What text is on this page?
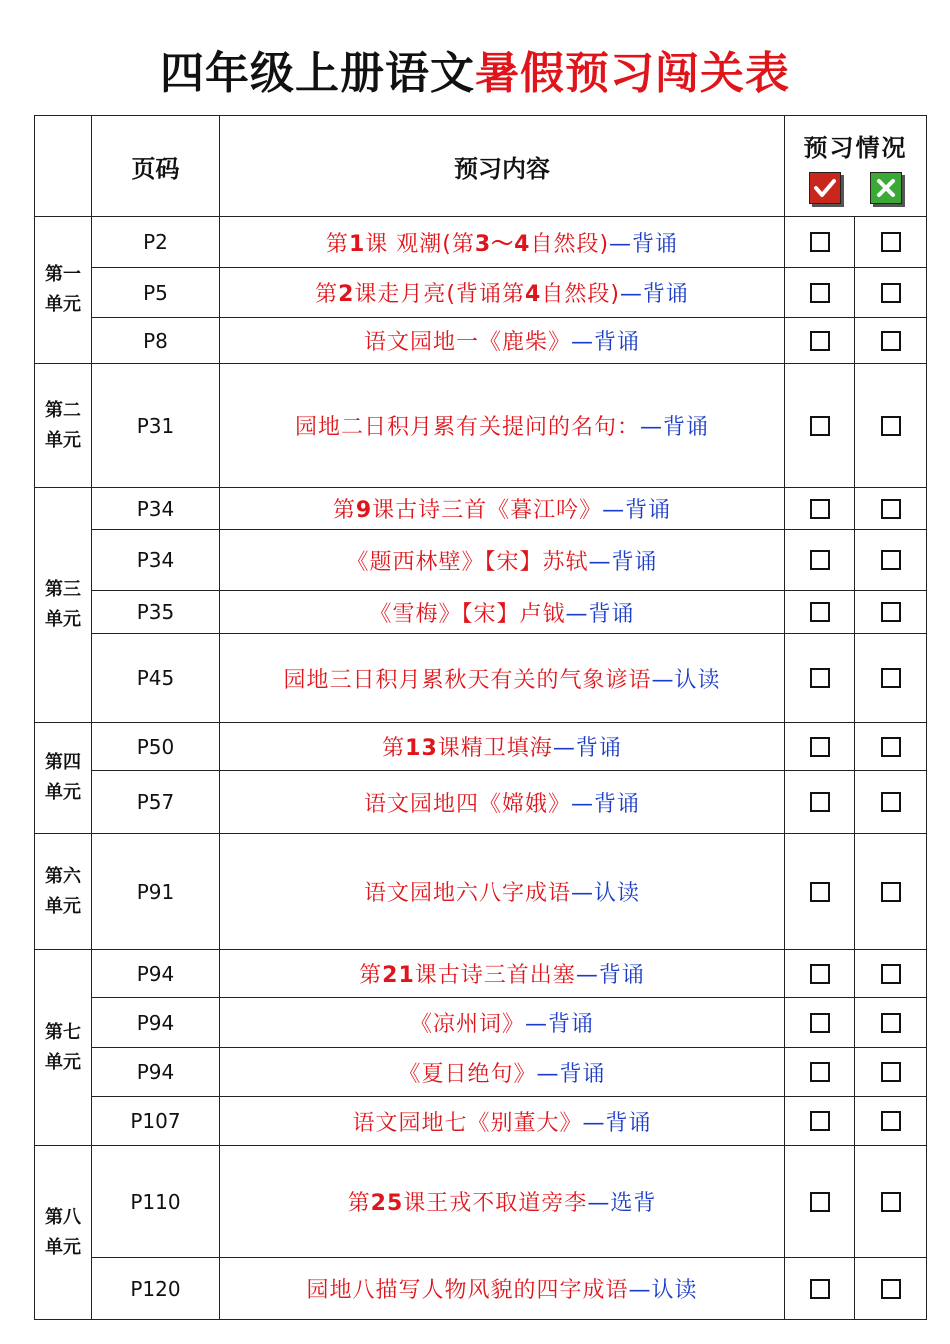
四年级上册语文暑假预习闯关表
	页码	预习内容	预习情况	

第一
单元	P2	第1课 观潮(第3～4自然段)—背诵		
	P5	第2课走月亮(背诵第4自然段)—背诵		
	P8	语文园地一《鹿柴》—背诵		

第二
单元	P31	园地二日积月累有关提问的名句：—背诵		

第三
单元	P34	第9课古诗三首《暮江吟》—背诵		
	P34	《题西林壁》【宋】苏轼—背诵		
	P35	《雪梅》【宋】卢钺—背诵		
	P45	园地三日积月累秋天有关的气象谚语—认读		

第四
单元	P50	第13课精卫填海—背诵		
	P57	语文园地四《嫦娥》—背诵		

第六
单元	P91	语文园地六八字成语—认读		

第七
单元	P94	第21课古诗三首出塞—背诵		
	P94	《凉州词》—背诵		
	P94	《夏日绝句》—背诵		
	P107	语文园地七《别董大》—背诵		

第八
单元	P110	第25课王戎不取道旁李—选背		
	P120	园地八描写人物风貌的四字成语—认读		
